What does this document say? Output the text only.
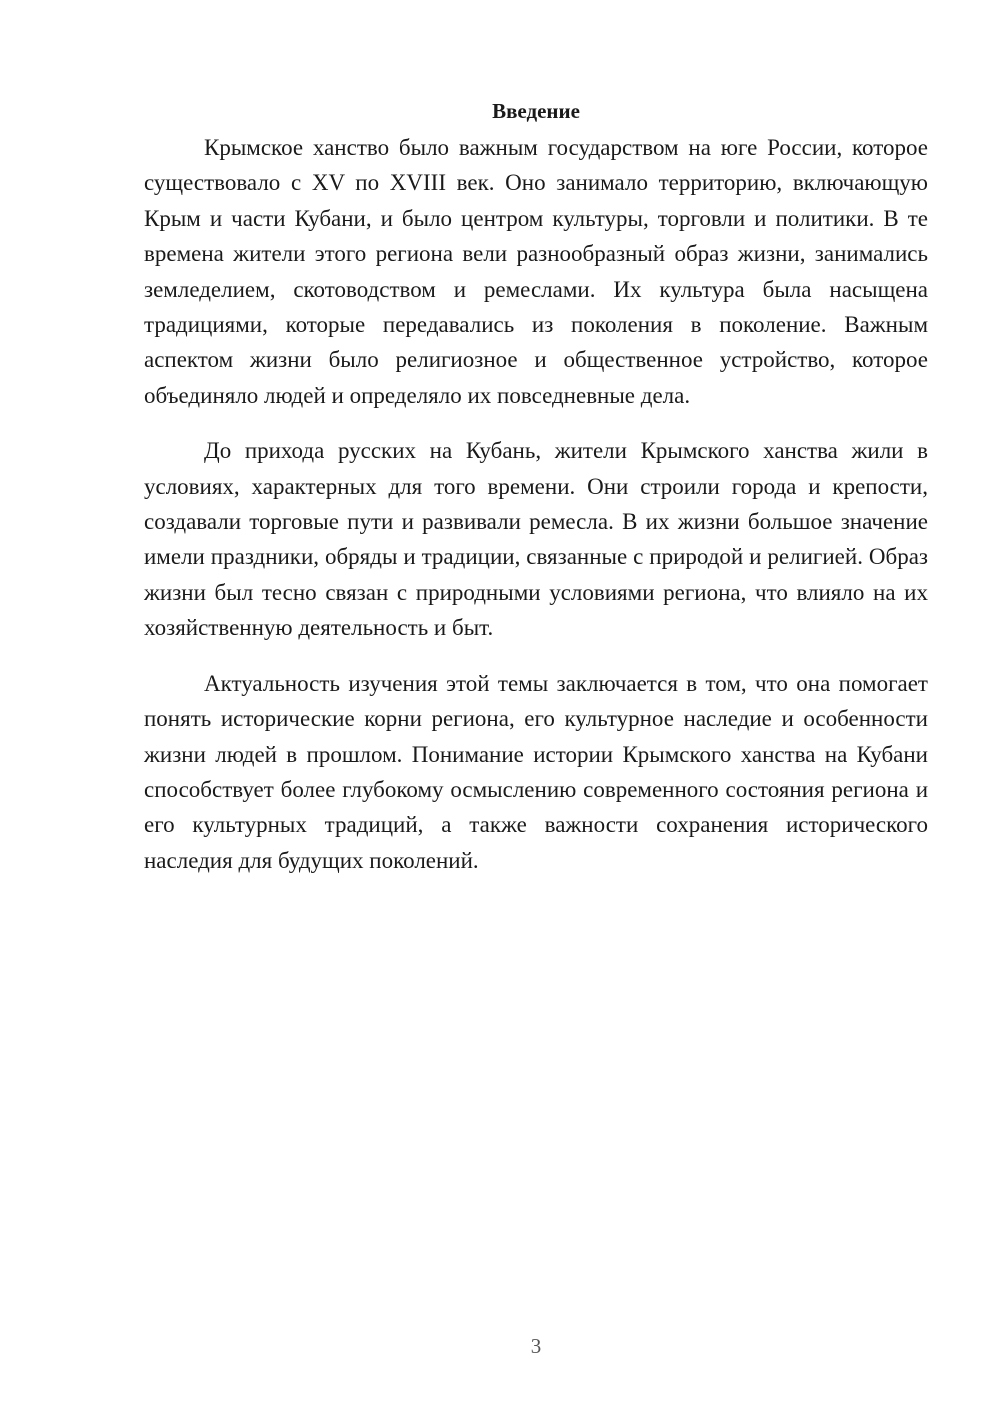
Введение

Крымское ханство было важным государством на юге России, которое существовало с XV по XVIII век. Оно занимало территорию, включающую Крым и части Кубани, и было центром культуры, торговли и политики. В те времена жители этого региона вели разнообразный образ жизни, занимались земледелием, скотоводством и ремеслами. Их культура была насыщена традициями, которые передавались из поколения в поколение. Важным аспектом жизни было религиозное и общественное устройство, которое объединяло людей и определяло их повседневные дела.

До прихода русских на Кубань, жители Крымского ханства жили в условиях, характерных для того времени. Они строили города и крепости, создавали торговые пути и развивали ремесла. В их жизни большое значение имели праздники, обряды и традиции, связанные с природой и религией. Образ жизни был тесно связан с природными условиями региона, что влияло на их хозяйственную деятельность и быт.

Актуальность изучения этой темы заключается в том, что она помогает понять исторические корни региона, его культурное наследие и особенности жизни людей в прошлом. Понимание истории Крымского ханства на Кубани способствует более глубокому осмыслению современного состояния региона и его культурных традиций, а также важности сохранения исторического наследия для будущих поколений.

3
